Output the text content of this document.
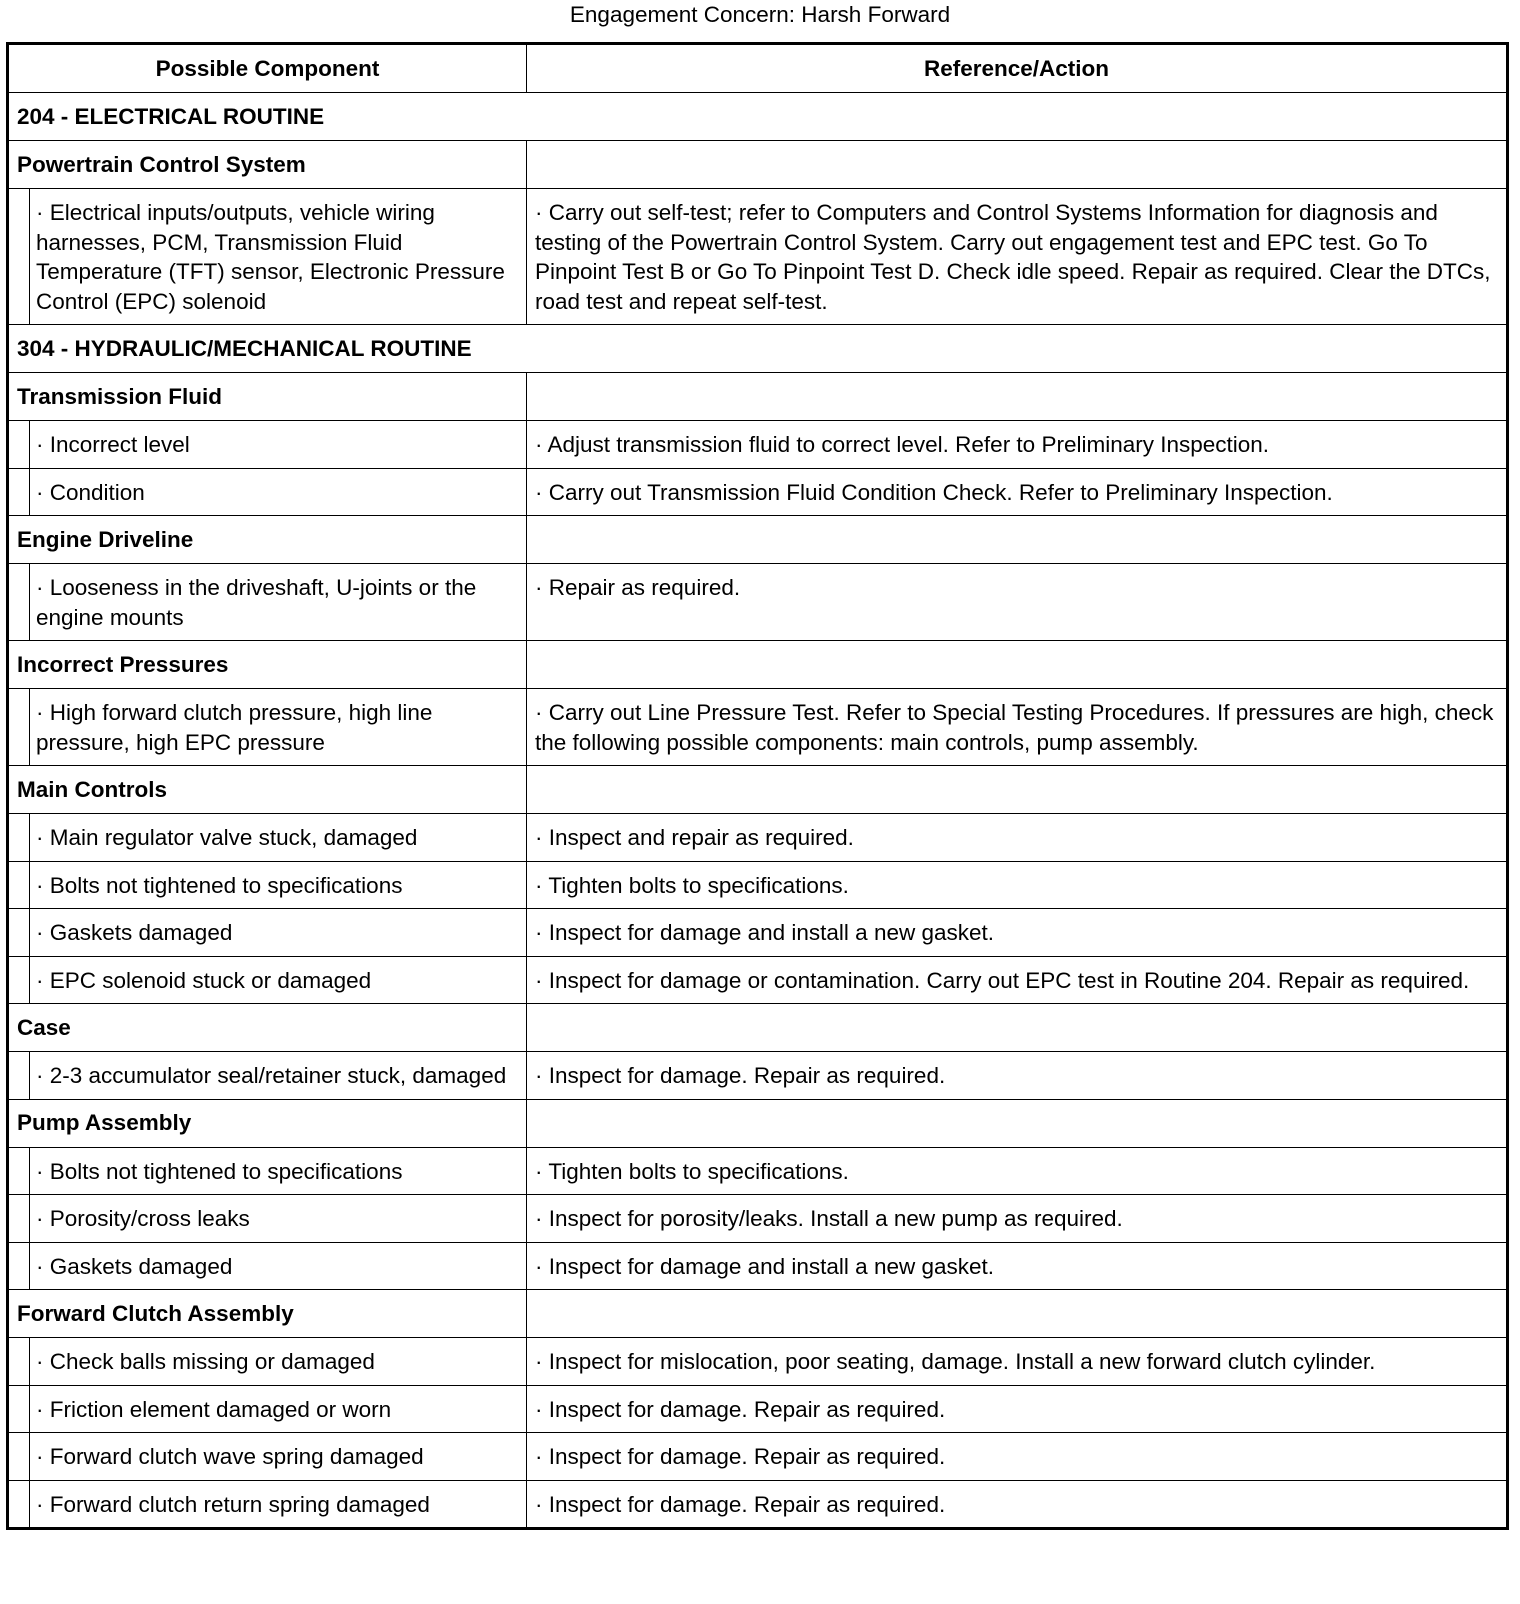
Engagement Concern: Harsh Forward
Possible Component		Reference/Action
204 - ELECTRICAL ROUTINE		
Powertrain Control System		
	· Electrical inputs/outputs, vehicle wiring harnesses, PCM, Transmission Fluid Temperature (TFT) sensor, Electronic Pressure Control (EPC) solenoid	· Carry out self-test; refer to Computers and Control Systems Information for diagnosis and testing of the Powertrain Control System. Carry out engagement test and EPC test. Go To Pinpoint Test B or Go To Pinpoint Test D. Check idle speed. Repair as required. Clear the DTCs, road test and repeat self-test.
304 - HYDRAULIC/MECHANICAL ROUTINE		
Transmission Fluid		
	· Incorrect level	· Adjust transmission fluid to correct level. Refer to Preliminary Inspection.
	· Condition	· Carry out Transmission Fluid Condition Check. Refer to Preliminary Inspection.
Engine Driveline		
	· Looseness in the driveshaft, U-joints or the engine mounts	· Repair as required.
Incorrect Pressures		
	· High forward clutch pressure, high line pressure, high EPC pressure	· Carry out Line Pressure Test. Refer to Special Testing Procedures. If pressures are high, check the following possible components: main controls, pump assembly.
Main Controls		
	· Main regulator valve stuck, damaged	· Inspect and repair as required.
	· Bolts not tightened to specifications	· Tighten bolts to specifications.
	· Gaskets damaged	· Inspect for damage and install a new gasket.
	· EPC solenoid stuck or damaged	· Inspect for damage or contamination. Carry out EPC test in Routine 204. Repair as required.
Case		
	· 2-3 accumulator seal/retainer stuck, damaged	· Inspect for damage. Repair as required.
Pump Assembly		
	· Bolts not tightened to specifications	· Tighten bolts to specifications.
	· Porosity/cross leaks	· Inspect for porosity/leaks. Install a new pump as required.
	· Gaskets damaged	· Inspect for damage and install a new gasket.
Forward Clutch Assembly		
	· Check balls missing or damaged	· Inspect for mislocation, poor seating, damage. Install a new forward clutch cylinder.
	· Friction element damaged or worn	· Inspect for damage. Repair as required.
	· Forward clutch wave spring damaged	· Inspect for damage. Repair as required.
	· Forward clutch return spring damaged	· Inspect for damage. Repair as required.
